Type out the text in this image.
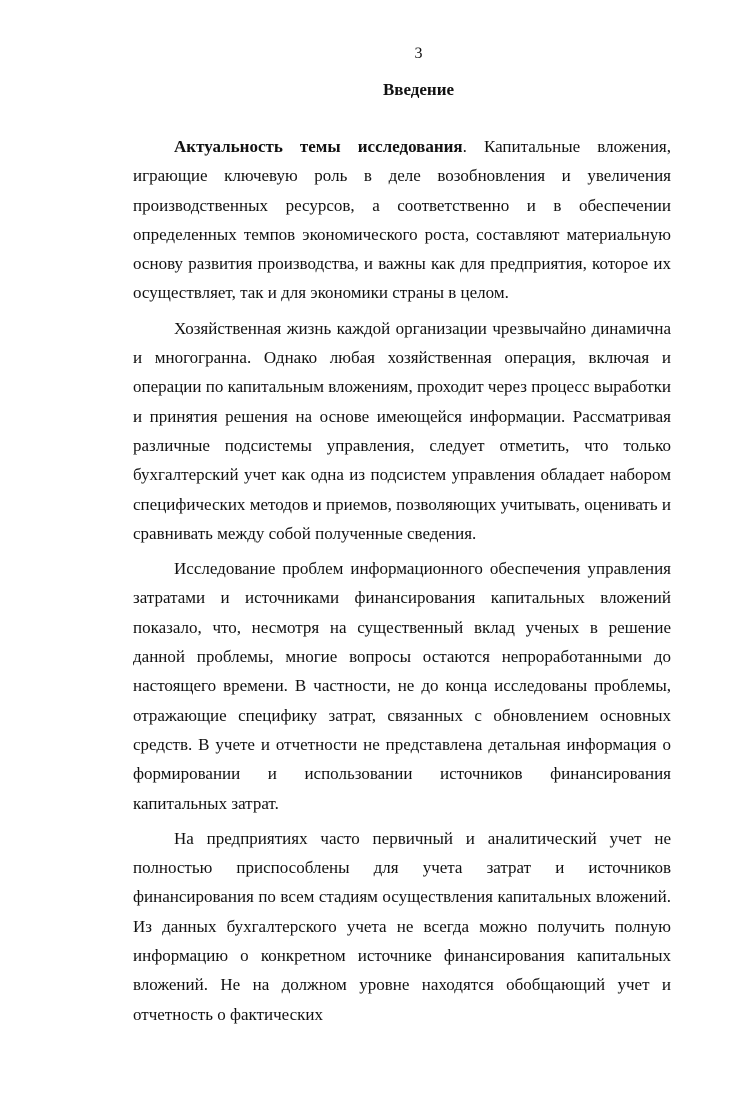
3
Введение

Актуальность темы исследования. Капитальные вложения, играющие ключевую роль в деле возобновления и увеличения производственных ресурсов, а соответственно и в обеспечении определенных темпов экономического роста, составляют материальную основу развития производства, и важны как для предприятия, которое их осуществляет, так и для экономики страны в целом.

Хозяйственная жизнь каждой организации чрезвычайно динамична и многогранна. Однако любая хозяйственная операция, включая и операции по капитальным вложениям, проходит через процесс выработки и принятия решения на основе имеющейся информации. Рассматривая различные подсистемы управления, следует отметить, что только бухгалтерский учет как одна из подсистем управления обладает набором специфических методов и приемов, позволяющих учитывать, оценивать и сравнивать между собой полученные сведения.

Исследование проблем информационного обеспечения управления затратами и источниками финансирования капитальных вложений показало, что, несмотря на существенный вклад ученых в решение данной проблемы, многие вопросы остаются непроработанными до настоящего времени. В частности, не до конца исследованы проблемы, отражающие специфику затрат, связанных с обновлением основных средств. В учете и отчетности не представлена детальная информация о формировании и использовании источников финансирования капитальных затрат.

На предприятиях часто первичный и аналитический учет не полностью приспособлены для учета затрат и источников финансирования по всем стадиям осуществления капитальных вложений. Из данных бухгалтерского учета не всегда можно получить полную информацию о конкретном источнике финансирования капитальных вложений. Не на должном уровне находятся обобщающий учет и отчетность о фактических
